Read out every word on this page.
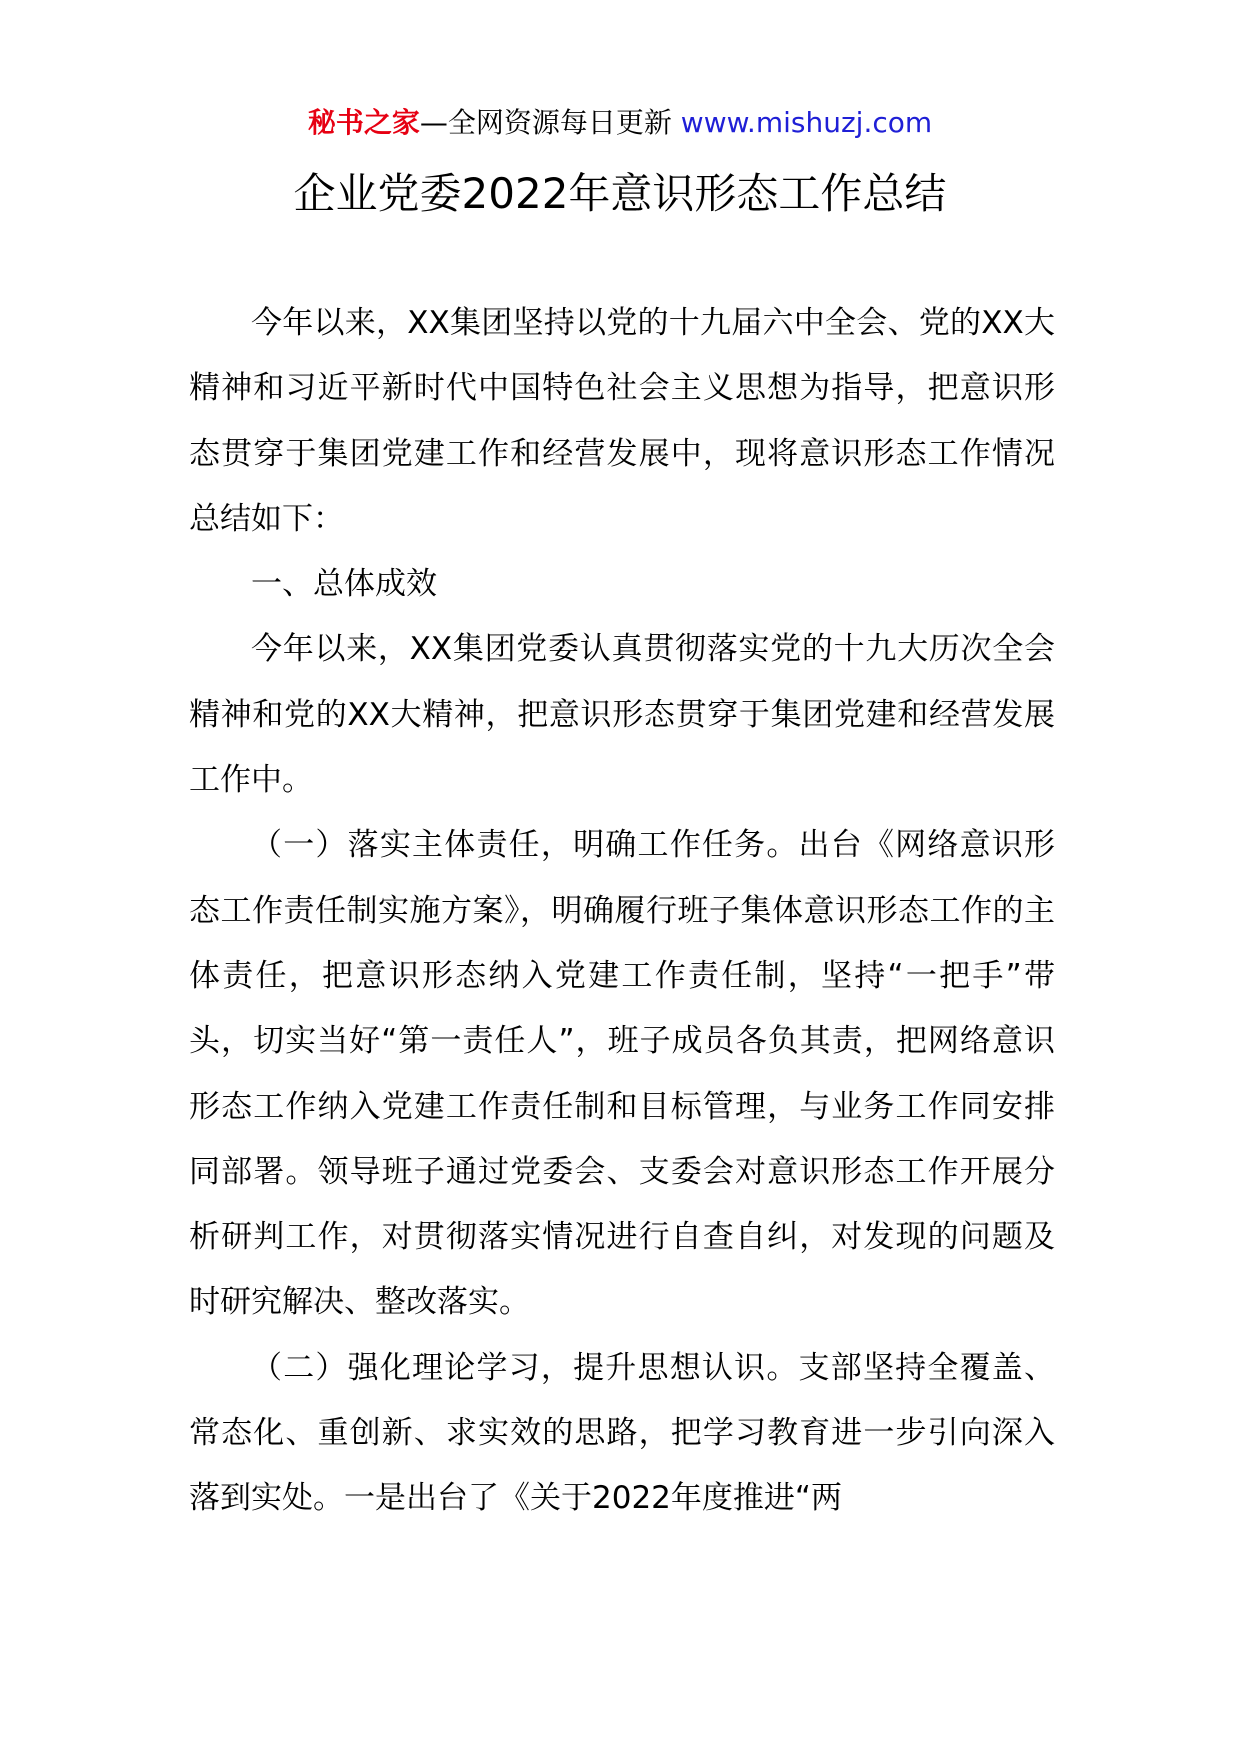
秘书之家—全网资源每日更新 www.mishuzj.com
企业党委2022年意识形态工作总结

今年以来，XX集团坚持以党的十九届六中全会、党的XX大精神和习近平新时代中国特色社会主义思想为指导，把意识形态贯穿于集团党建工作和经营发展中，现将意识形态工作情况总结如下：

一、总体成效

今年以来，XX集团党委认真贯彻落实党的十九大历次全会精神和党的XX大精神，把意识形态贯穿于集团党建和经营发展工作中。

（一）落实主体责任，明确工作任务。出台《网络意识形态工作责任制实施方案》，明确履行班子集体意识形态工作的主体责任，把意识形态纳入党建工作责任制，坚持“一把手”带头，切实当好“第一责任人”，班子成员各负其责，把网络意识形态工作纳入党建工作责任制和目标管理，与业务工作同安排同部署。领导班子通过党委会、支委会对意识形态工作开展分析研判工作，对贯彻落实情况进行自查自纠，对发现的问题及时研究解决、整改落实。

（二）强化理论学习，提升思想认识。支部坚持全覆盖、常态化、重创新、求实效的思路，把学习教育进一步引向深入落到实处。一是出台了《关于2022年度推进“两
